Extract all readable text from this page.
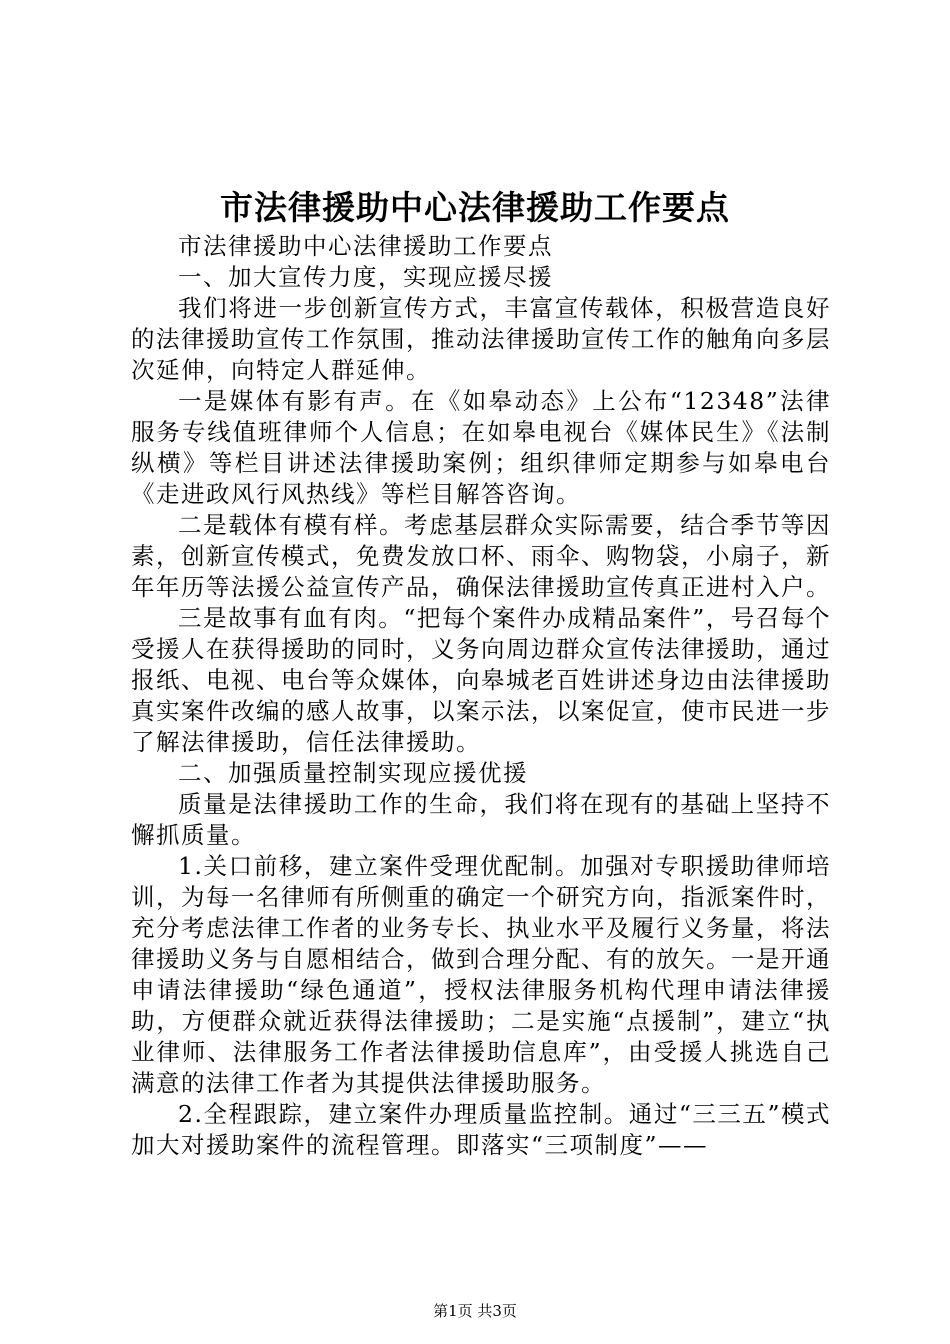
市法律援助中心法律援助工作要点

市法律援助中心法律援助工作要点

一、加大宣传力度，实现应援尽援

我们将进一步创新宣传方式，丰富宣传载体，积极营造良好的法律援助宣传工作氛围，推动法律援助宣传工作的触角向多层次延伸，向特定人群延伸。

一是媒体有影有声。在《如皋动态》上公布“12348”法律服务专线值班律师个人信息；在如皋电视台《媒体民生》《法制纵横》等栏目讲述法律援助案例；组织律师定期参与如皋电台《走进政风行风热线》等栏目解答咨询。

二是载体有模有样。考虑基层群众实际需要，结合季节等因素，创新宣传模式，免费发放口杯、雨伞、购物袋，小扇子，新年年历等法援公益宣传产品，确保法律援助宣传真正进村入户。

三是故事有血有肉。“把每个案件办成精品案件”，号召每个受援人在获得援助的同时，义务向周边群众宣传法律援助，通过报纸、电视、电台等众媒体，向皋城老百姓讲述身边由法律援助真实案件改编的感人故事，以案示法，以案促宣，使市民进一步了解法律援助，信任法律援助。

二、加强质量控制实现应援优援

质量是法律援助工作的生命，我们将在现有的基础上坚持不懈抓质量。

1.关口前移，建立案件受理优配制。加强对专职援助律师培训，为每一名律师有所侧重的确定一个研究方向，指派案件时，充分考虑法律工作者的业务专长、执业水平及履行义务量，将法律援助义务与自愿相结合，做到合理分配、有的放矢。一是开通申请法律援助“绿色通道”，授权法律服务机构代理申请法律援助，方便群众就近获得法律援助；二是实施“点援制”，建立“执业律师、法律服务工作者法律援助信息库”，由受援人挑选自己满意的法律工作者为其提供法律援助服务。

2.全程跟踪，建立案件办理质量监控制。通过“三三五”模式加大对援助案件的流程管理。即落实“三项制度”——

第1页 共3页
